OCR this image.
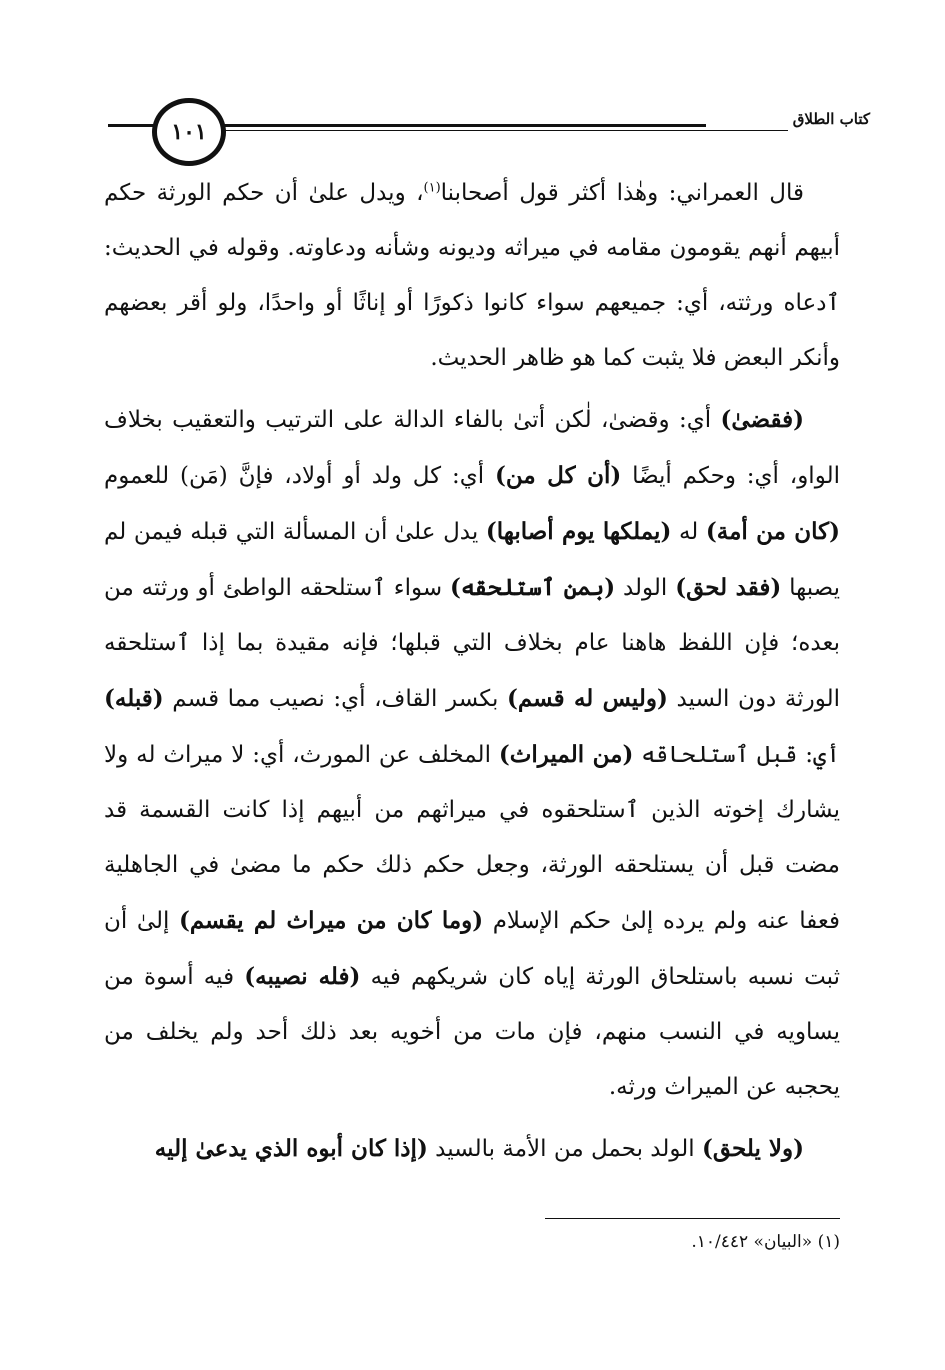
١٠١	كتاب الطلاق

قال العمراني: وهٰذا أكثر قول أصحابنا$^{(١)}$، ويدل علىٰ أن حكم الورثة حكم أبيهم أنهم يقومون مقامه في ميراثه وديونه وشأنه ودعاوته. وقوله في الحديث: ٱدعاه ورثته، أي: جميعهم سواء كانوا ذكورًا أو إناثًا أو واحدًا، ولو أقر بعضهم وأنكر البعض فلا يثبت كما هو ظاهر الحديث.

(فقضىٰ) أي: وقضىٰ، لٰكن أتىٰ بالفاء الدالة على الترتيب والتعقيب بخلاف الواو، أي: وحكم أيضًا (أن كل من) أي: كل ولد أو أولاد، فإنَّ (مَن) للعموم (كان من أمة) له (يملكها يوم أصابها) يدل علىٰ أن المسألة التي قبله فيمن لم يصبها (فقد لحق) الولد (بمن ٱستلحقه) سواء ٱستلحقه الواطئ أو ورثته من بعده؛ فإن اللفظ هاهنا عام بخلاف التي قبلها؛ فإنه مقيدة بما إذا ٱستلحقه الورثة دون السيد (وليس له قسم) بكسر القاف، أي: نصيب مما قسم (قبله) أي: قبل ٱستلحاقه (من الميراث) المخلف عن المورث، أي: لا ميراث له ولا يشارك إخوته الذين ٱستلحقوه في ميراثهم من أبيهم إذا كانت القسمة قد مضت قبل أن يستلحقه الورثة، وجعل حكم ذلك حكم ما مضىٰ في الجاهلية فعفا عنه ولم يرده إلىٰ حكم الإسلام (وما كان من ميراث لم يقسم) إلىٰ أن ثبت نسبه باستلحاق الورثة إياه كان شريكهم فيه (فله نصيبه) فيه أسوة من يساويه في النسب منهم، فإن مات من أخويه بعد ذلك أحد ولم يخلف من يحجبه عن الميراث ورثه.

(ولا يلحق) الولد بحمل من الأمة بالسيد (إذا كان أبوه الذي يدعىٰ إليه

(١) «البيان» ١٠/٤٤٢.
